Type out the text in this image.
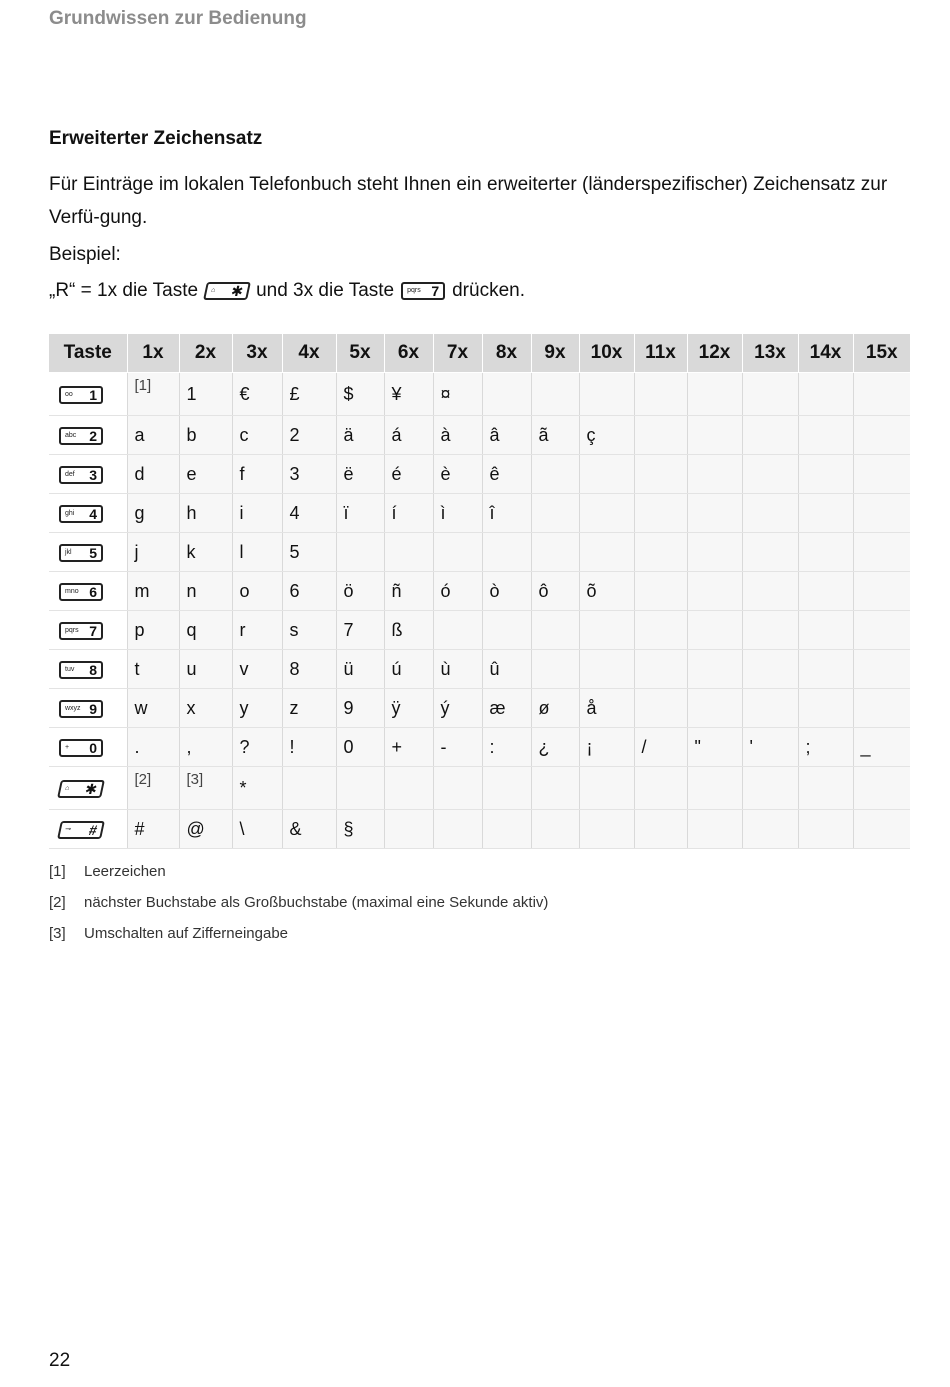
Grundwissen zur Bedienung
Erweiterter Zeichensatz

Für Einträge im lokalen Telefonbuch steht Ihnen ein erweiterter (länderspezifischer) Zeichensatz zur Verfü-gung.

Beispiel:
„R“ = 1x die Taste ⌂ ✱ und 3x die Taste pqrs 7 drücken.
Taste	1x	2x	3x	4x	5x	6x	7x	8x	9x	10x	11x	12x	13x	14x	15x

oo 1	[1]	1	€	£	$	¥	¤								

abc 2	a	b	c	2	ä	á	à	â	ã	ç					

def 3	d	e	f	3	ë	é	è	ê							

ghi 4	g	h	i	4	ï	í	ì	î							

jkl 5	j	k	l	5											

mno 6	m	n	o	6	ö	ñ	ó	ò	ô	õ					

pqrs 7	p	q	r	s	7	ß									

tuv 8	t	u	v	8	ü	ú	ù	û							

wxyz 9	w	x	y	z	9	ÿ	ý	æ	ø	å					

+ 0	.	,	?	!	0	+	-	:	¿	¡	/	"	'	;	_

⌂ ✱	[2]	[3]	*												

⊸ #	#	@	\	&	§										
[1]	Leerzeichen
[2]	nächster Buchstabe als Großbuchstabe (maximal eine Sekunde aktiv)
[3]	Umschalten auf Zifferneingabe
22
